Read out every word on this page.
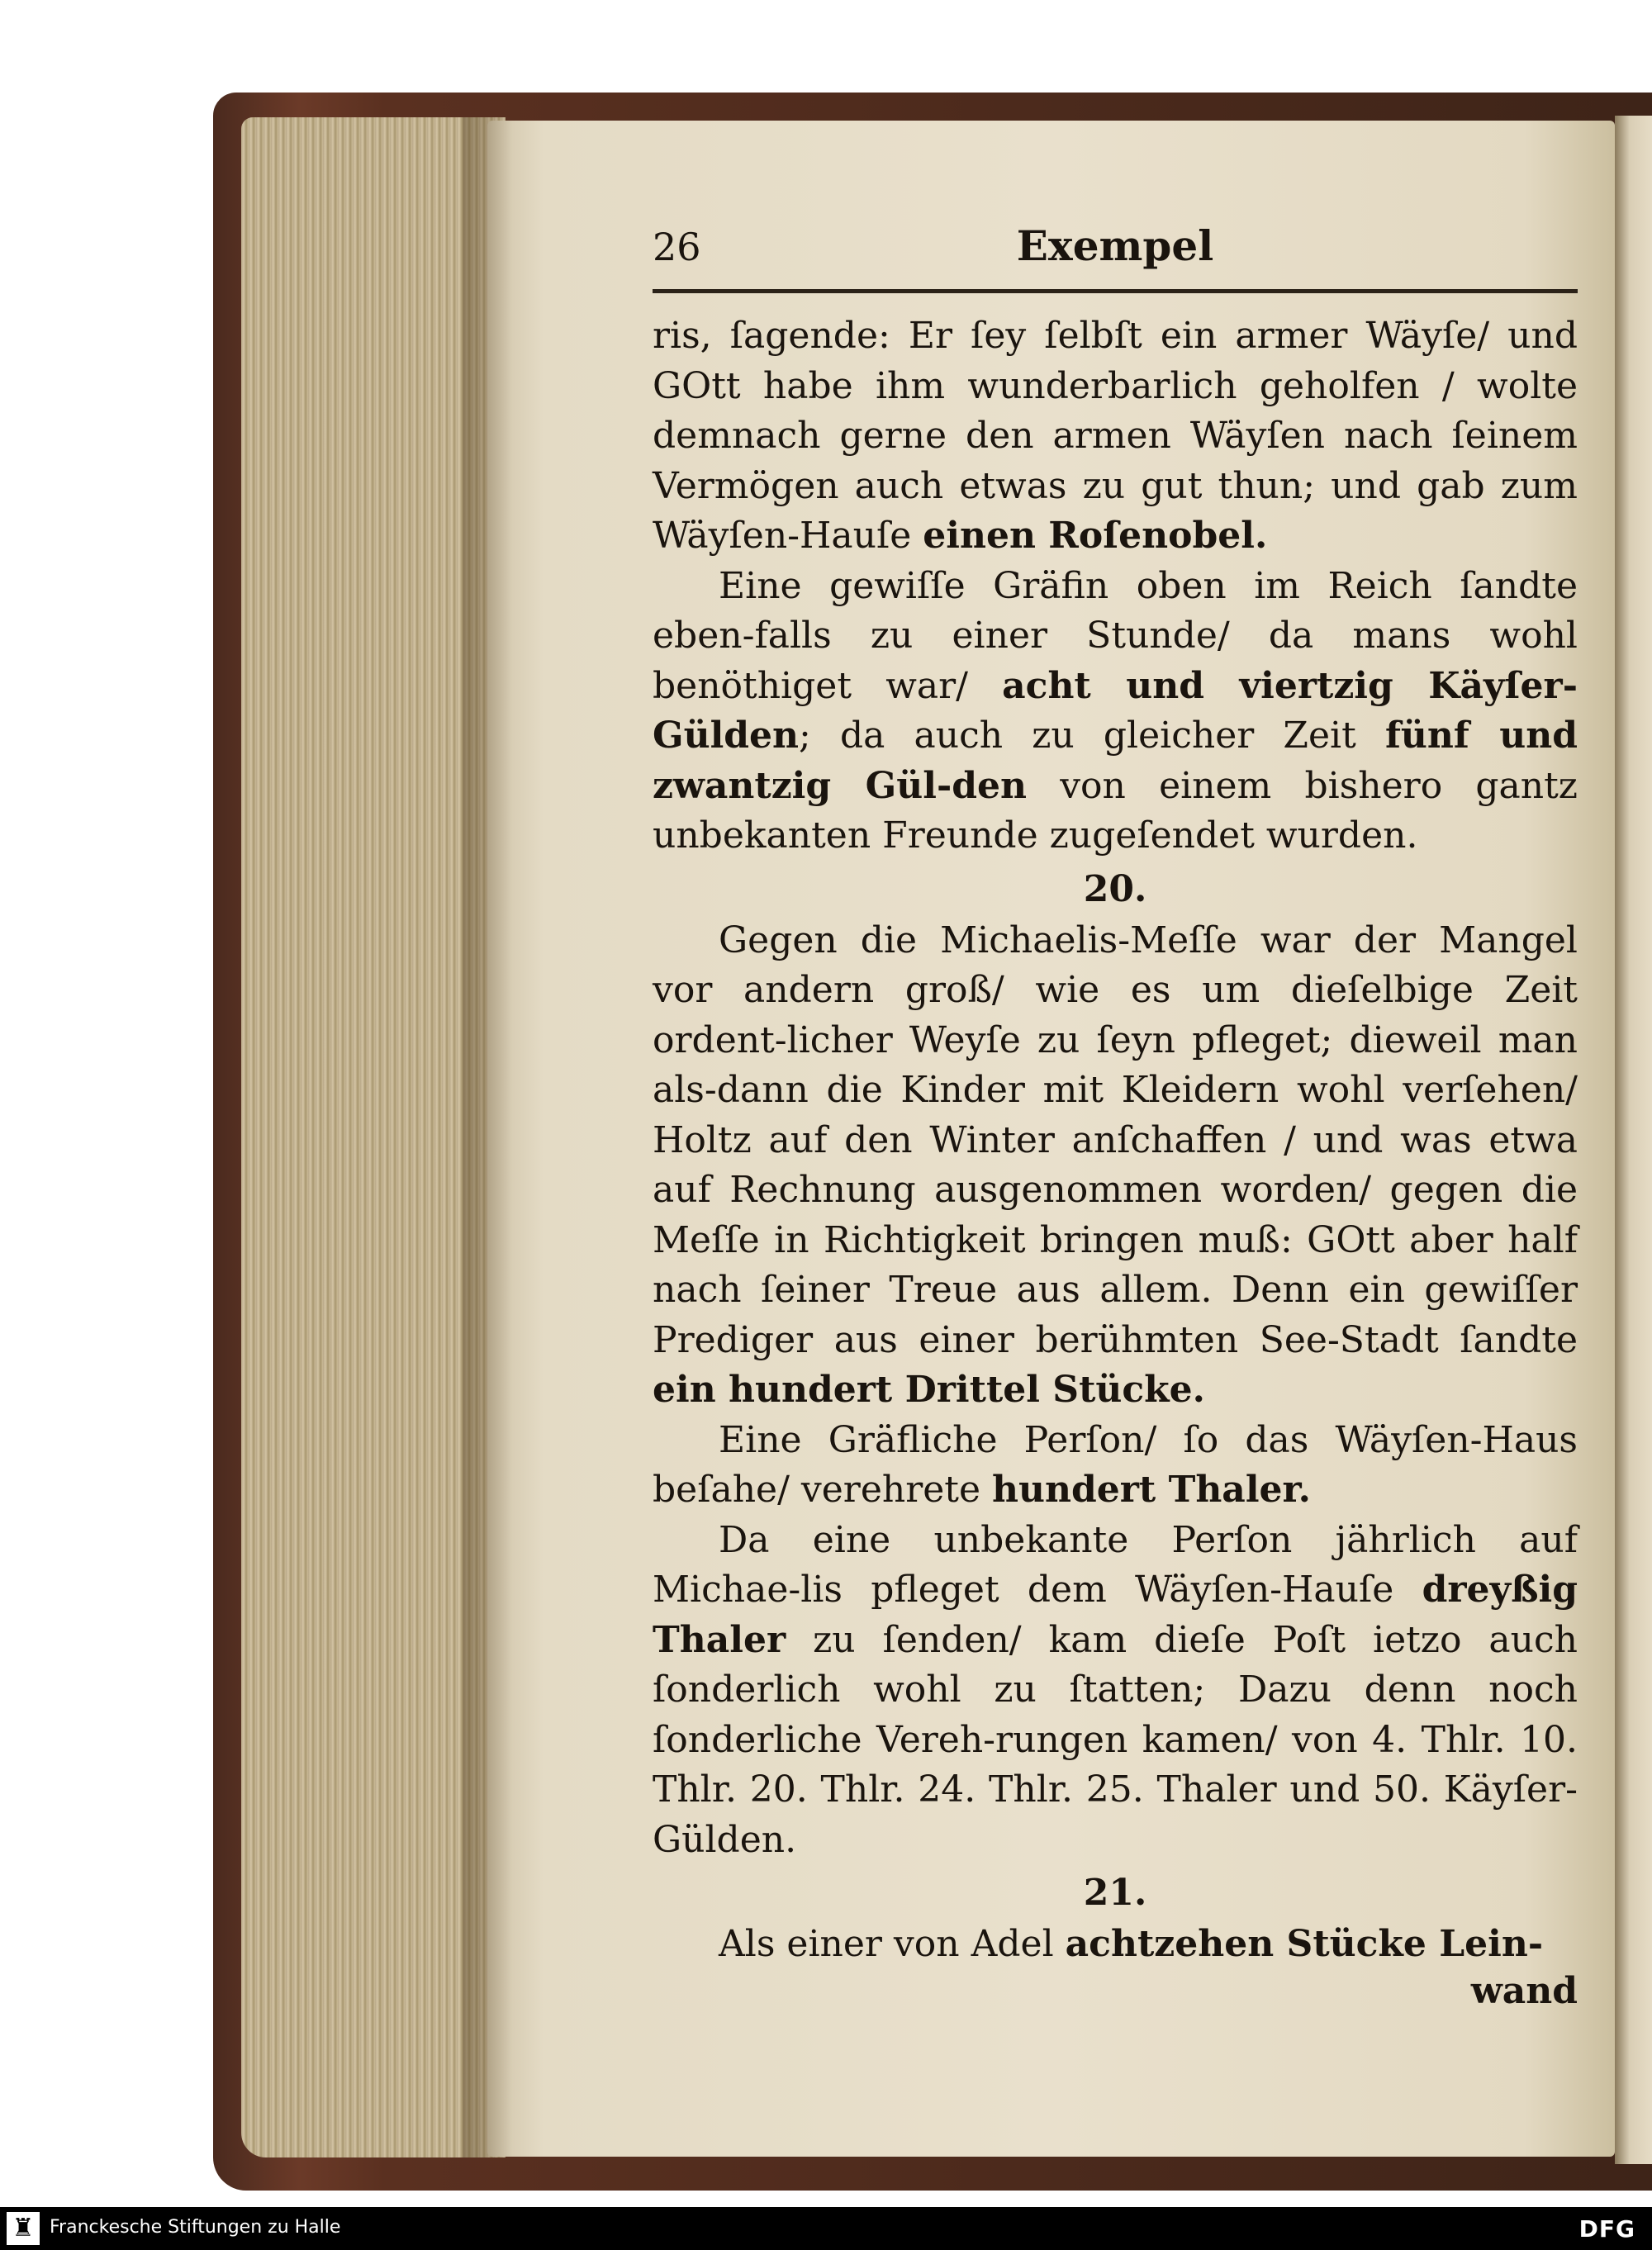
26	Exempel

ris, ſagende: Er ſey ſelbſt ein armer Wäyſe/ und GOtt habe ihm wunderbarlich geholfen / wolte demnach gerne den armen Wäyſen nach ſeinem Vermögen auch etwas zu gut thun; und gab zum Wäyſen-Hauſe einen Roſenobel.

Eine gewiſſe Gräfin oben im Reich ſandte eben-falls zu einer Stunde/ da mans wohl benöthiget war/ acht und viertzig Käyſer-Gülden; da auch zu gleicher Zeit fünf und zwantzig Gül-den von einem bishero gantz unbekanten Freunde zugeſendet wurden.

20.

Gegen die Michaelis-Meſſe war der Mangel vor andern groß/ wie es um dieſelbige Zeit ordent-licher Weyſe zu ſeyn pfleget; dieweil man als-dann die Kinder mit Kleidern wohl verſehen/ Holtz auf den Winter anſchaffen / und was etwa auf Rechnung ausgenommen worden/ gegen die Meſſe in Richtigkeit bringen muß: GOtt aber half nach ſeiner Treue aus allem. Denn ein gewiſſer Prediger aus einer berühmten See-Stadt ſandte ein hundert Drittel Stücke.

Eine Gräfliche Perſon/ ſo das Wäyſen-Haus beſahe/ verehrete hundert Thaler.

Da eine unbekante Perſon jährlich auf Michae-lis pfleget dem Wäyſen-Hauſe dreyßig Thaler zu ſenden/ kam dieſe Poſt ietzo auch ſonderlich wohl zu ſtatten; Dazu denn noch ſonderliche Vereh-rungen kamen/ von 4. Thlr. 10. Thlr. 20. Thlr. 24. Thlr. 25. Thaler und 50. Käyſer-Gülden.

21.

Als einer von Adel achtzehen Stücke Lein-

wand
♜ Franckesche Stiftungen zu Halle	DFG
